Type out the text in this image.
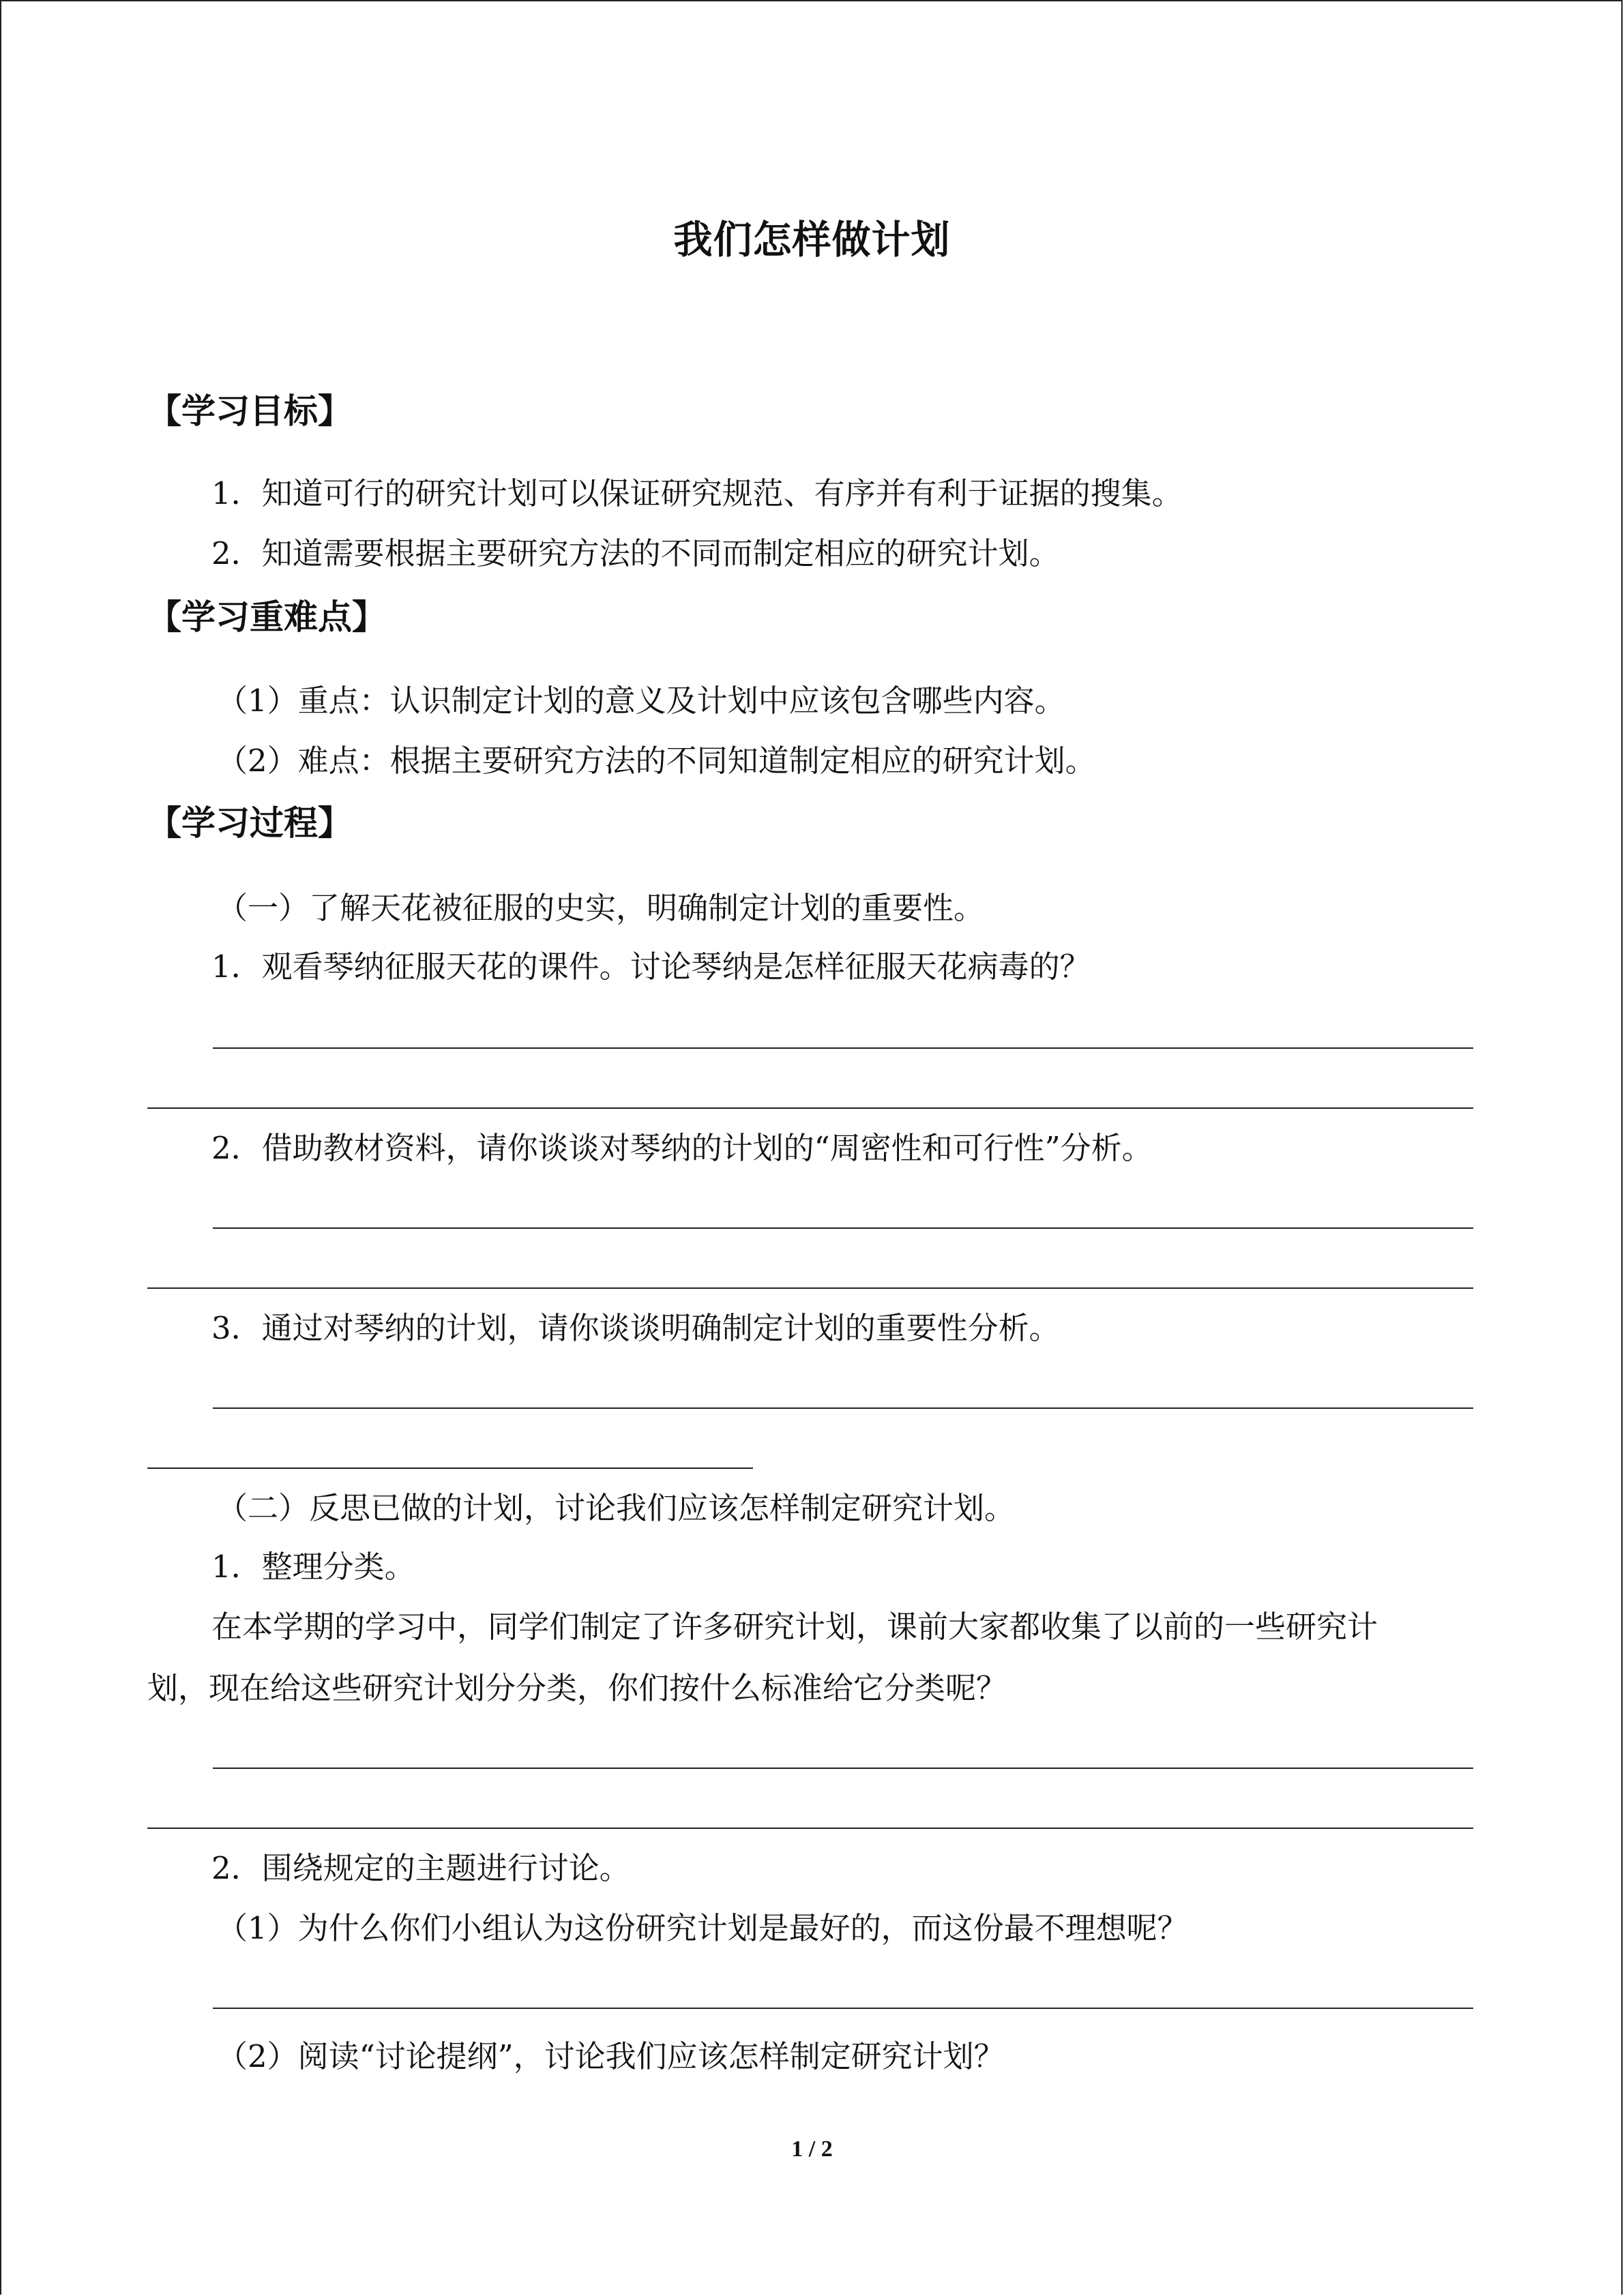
我们怎样做计划
【学习目标】
1．知道可行的研究计划可以保证研究规范、有序并有利于证据的搜集。
2．知道需要根据主要研究方法的不同而制定相应的研究计划。
【学习重难点】
（1）重点：认识制定计划的意义及计划中应该包含哪些内容。
（2）难点：根据主要研究方法的不同知道制定相应的研究计划。
【学习过程】
（一）了解天花被征服的史实，明确制定计划的重要性。
1．观看琴纳征服天花的课件。讨论琴纳是怎样征服天花病毒的？
2．借助教材资料，请你谈谈对琴纳的计划的“周密性和可行性”分析。
3．通过对琴纳的计划，请你谈谈明确制定计划的重要性分析。
（二）反思已做的计划，讨论我们应该怎样制定研究计划。
1．整理分类。
在本学期的学习中，同学们制定了许多研究计划，课前大家都收集了以前的一些研究计
划，现在给这些研究计划分分类，你们按什么标准给它分类呢？
2．围绕规定的主题进行讨论。
（1）为什么你们小组认为这份研究计划是最好的，而这份最不理想呢？
（2）阅读“讨论提纲”，讨论我们应该怎样制定研究计划？
1 / 2
